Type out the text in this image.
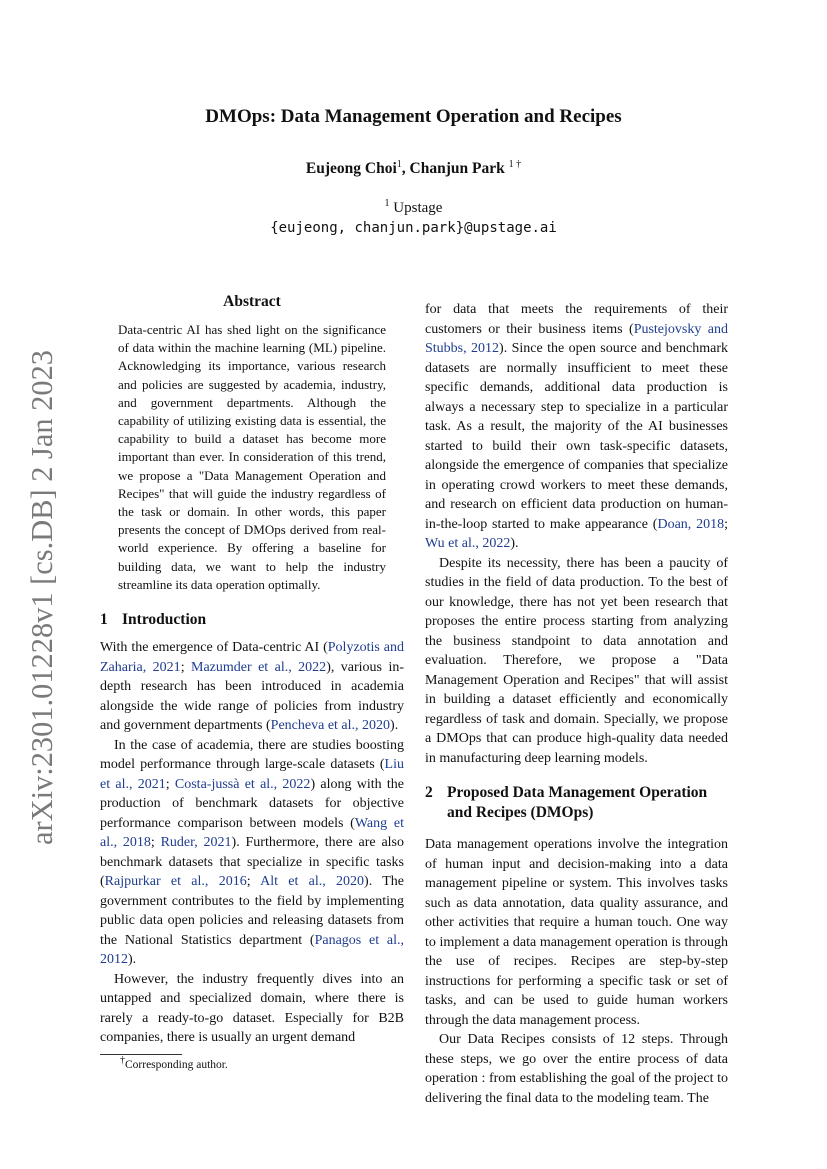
arXiv:2301.01228v1 [cs.DB] 2 Jan 2023
DMOps: Data Management Operation and Recipes
Eujeong Choi$^1$, Chanjun Park $^{1 \dagger}$
$^1$ Upstage
{eujeong, chanjun.park}@upstage.ai
Abstract

Data-centric AI has shed light on the significance of data within the machine learning (ML) pipeline. Acknowledging its importance, various research and policies are suggested by academia, industry, and government departments. Although the capability of utilizing existing data is essential, the capability to build a dataset has become more important than ever. In consideration of this trend, we propose a "Data Management Operation and Recipes" that will guide the industry regardless of the task or domain. In other words, this paper presents the concept of DMOps derived from real-world experience. By offering a baseline for building data, we want to help the industry streamline its data operation optimally.

1 Introduction

With the emergence of Data-centric AI (Polyzotis and Zaharia, 2021; Mazumder et al., 2022), various in-depth research has been introduced in academia alongside the wide range of policies from industry and government departments (Pencheva et al., 2020).

In the case of academia, there are studies boosting model performance through large-scale datasets (Liu et al., 2021; Costa-jussà et al., 2022) along with the production of benchmark datasets for objective performance comparison between models (Wang et al., 2018; Ruder, 2021). Furthermore, there are also benchmark datasets that specialize in specific tasks (Rajpurkar et al., 2016; Alt et al., 2020). The government contributes to the field by implementing public data open policies and releasing datasets from the National Statistics department (Panagos et al., 2012).

However, the industry frequently dives into an untapped and specialized domain, where there is rarely a ready-to-go dataset. Especially for B2B companies, there is usually an urgent demand

for data that meets the requirements of their customers or their business items (Pustejovsky and Stubbs, 2012). Since the open source and benchmark datasets are normally insufficient to meet these specific demands, additional data production is always a necessary step to specialize in a particular task. As a result, the majority of the AI businesses started to build their own task-specific datasets, alongside the emergence of companies that specialize in operating crowd workers to meet these demands, and research on efficient data production on human-in-the-loop started to make appearance (Doan, 2018; Wu et al., 2022).

Despite its necessity, there has been a paucity of studies in the field of data production. To the best of our knowledge, there has not yet been research that proposes the entire process starting from analyzing the business standpoint to data annotation and evaluation. Therefore, we propose a "Data Management Operation and Recipes" that will assist in building a dataset efficiently and economically regardless of task and domain. Specially, we propose a DMOps that can produce high-quality data needed in manufacturing deep learning models.

2 Proposed Data Management Operation
and Recipes (DMOps)

Data management operations involve the integration of human input and decision-making into a data management pipeline or system. This involves tasks such as data annotation, data quality assurance, and other activities that require a human touch. One way to implement a data management operation is through the use of recipes. Recipes are step-by-step instructions for performing a specific task or set of tasks, and can be used to guide human workers through the data management process.

Our Data Recipes consists of 12 steps. Through these steps, we go over the entire process of data operation : from establishing the goal of the project to delivering the final data to the modeling team. The

†Corresponding author.
